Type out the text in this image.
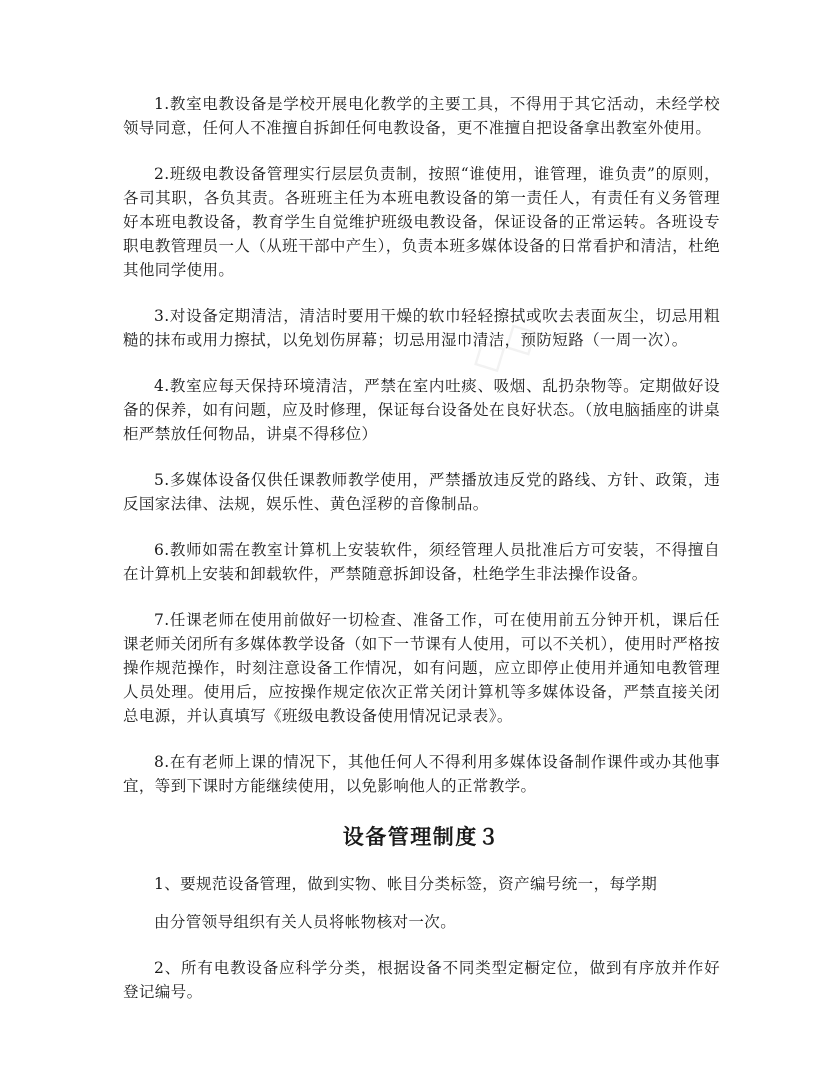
1.教室电教设备是学校开展电化教学的主要工具，不得用于其它活动，未经学校领导同意，任何人不准擅自拆卸任何电教设备，更不准擅自把设备拿出教室外使用。

2.班级电教设备管理实行层层负责制，按照“谁使用，谁管理，谁负责”的原则，各司其职，各负其责。各班班主任为本班电教设备的第一责任人，有责任有义务管理好本班电教设备，教育学生自觉维护班级电教设备，保证设备的正常运转。各班设专职电教管理员一人（从班干部中产生），负责本班多媒体设备的日常看护和清洁，杜绝其他同学使用。

3.对设备定期清洁，清洁时要用干燥的软巾轻轻擦拭或吹去表面灰尘，切忌用粗糙的抹布或用力擦拭，以免划伤屏幕；切忌用湿巾清洁，预防短路（一周一次）。

4.教室应每天保持环境清洁，严禁在室内吐痰、吸烟、乱扔杂物等。定期做好设备的保养，如有问题，应及时修理，保证每台设备处在良好状态。（放电脑插座的讲桌柜严禁放任何物品，讲桌不得移位）

5.多媒体设备仅供任课教师教学使用，严禁播放违反党的路线、方针、政策，违反国家法律、法规，娱乐性、黄色淫秽的音像制品。

6.教师如需在教室计算机上安装软件，须经管理人员批准后方可安装，不得擅自在计算机上安装和卸载软件，严禁随意拆卸设备，杜绝学生非法操作设备。

7.任课老师在使用前做好一切检查、准备工作，可在使用前五分钟开机，课后任课老师关闭所有多媒体教学设备（如下一节课有人使用，可以不关机），使用时严格按操作规范操作，时刻注意设备工作情况，如有问题，应立即停止使用并通知电教管理人员处理。使用后，应按操作规定依次正常关闭计算机等多媒体设备，严禁直接关闭总电源，并认真填写《班级电教设备使用情况记录表》。

8.在有老师上课的情况下，其他任何人不得利用多媒体设备制作课件或办其他事宜，等到下课时方能继续使用，以免影响他人的正常教学。

设备管理制度３

1、要规范设备管理，做到实物、帐目分类标签，资产编号统一，每学期

由分管领导组织有关人员将帐物核对一次。

2、所有电教设备应科学分类，根据设备不同类型定橱定位，做到有序放并作好登记编号。

◇◇
